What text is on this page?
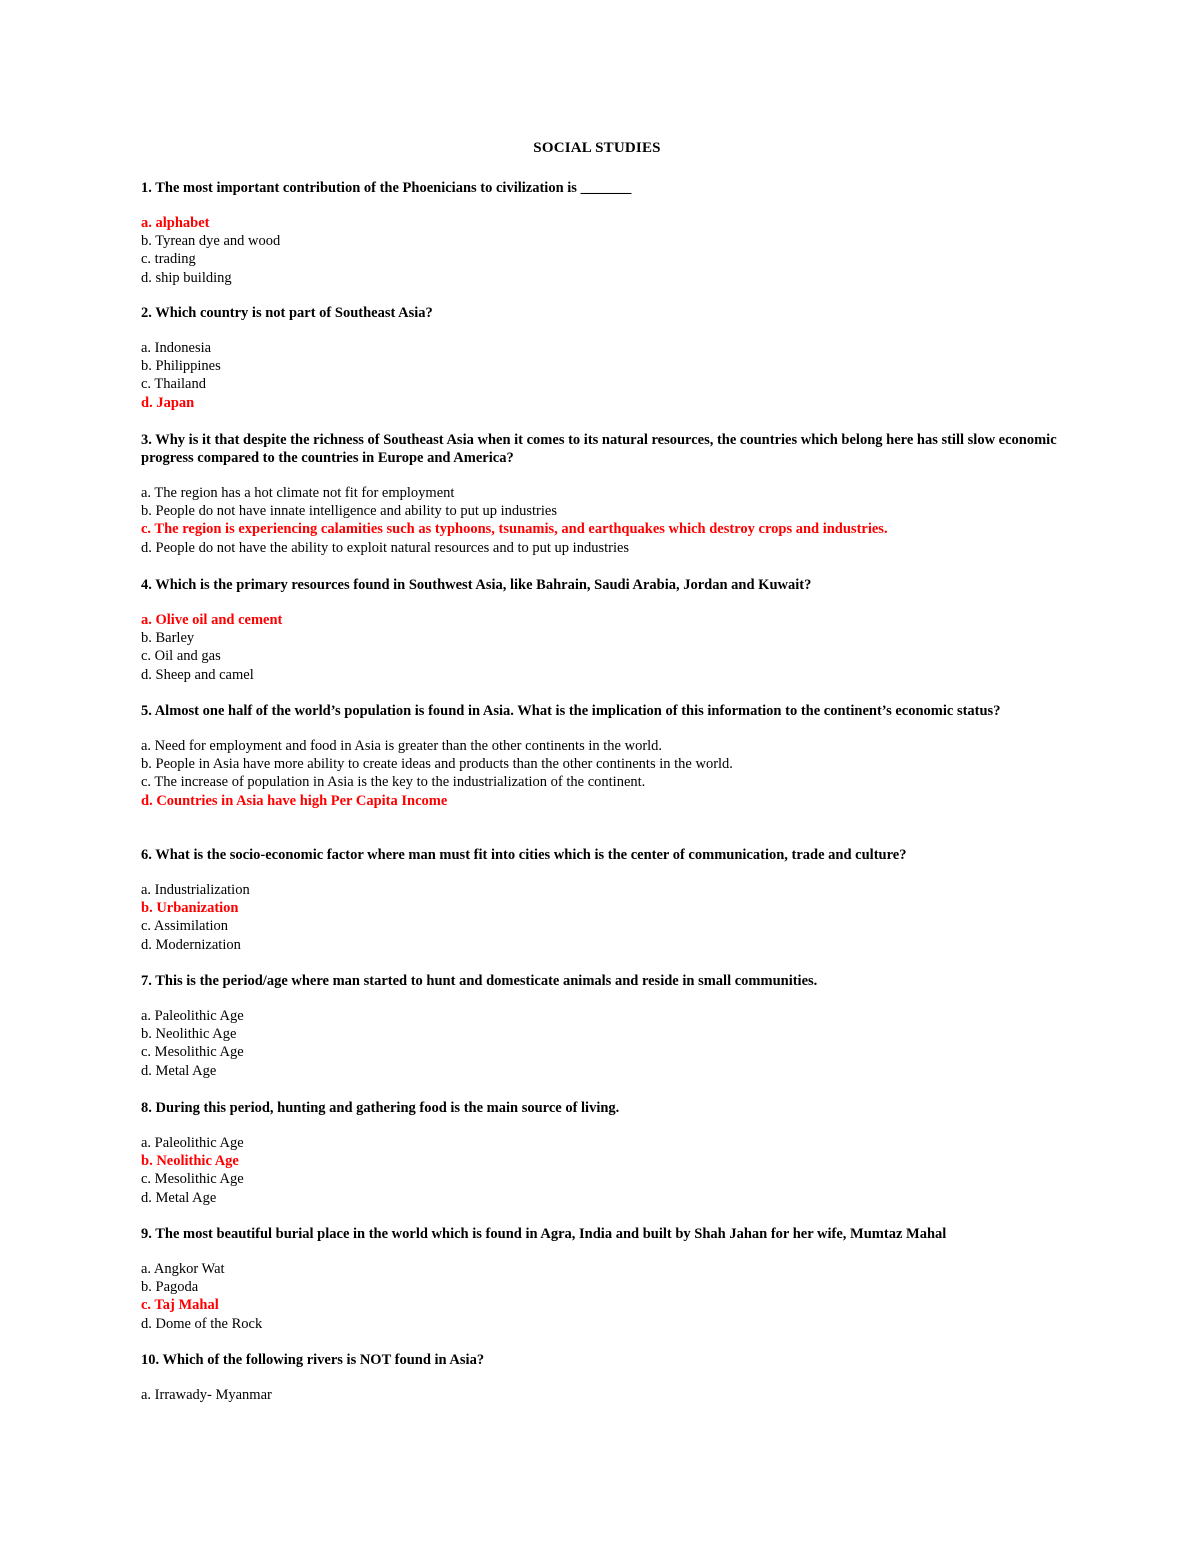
SOCIAL STUDIES
1. The most important contribution of the Phoenicians to civilization is _______
a. alphabet
b. Tyrean dye and wood
c. trading
d. ship building
2. Which country is not part of Southeast Asia?
a. Indonesia
b. Philippines
c. Thailand
d. Japan
3. Why is it that despite the richness of Southeast Asia when it comes to its natural resources, the countries which belong here has still slow economic progress compared to the countries in Europe and America?
a. The region has a hot climate not fit for employment
b. People do not have innate intelligence and ability to put up industries
c. The region is experiencing calamities such as typhoons, tsunamis, and earthquakes which destroy crops and industries.
d. People do not have the ability to exploit natural resources and to put up industries
4. Which is the primary resources found in Southwest Asia, like Bahrain, Saudi Arabia, Jordan and Kuwait?
a. Olive oil and cement
b. Barley
c. Oil and gas
d. Sheep and camel
5. Almost one half of the world’s population is found in Asia. What is the implication of this information to the continent’s economic status?
a. Need for employment and food in Asia is greater than the other continents in the world.
b. People in Asia have more ability to create ideas and products than the other continents in the world.
c. The increase of population in Asia is the key to the industrialization of the continent.
d. Countries in Asia have high Per Capita Income
6. What is the socio-economic factor where man must fit into cities which is the center of communication, trade and culture?
a. Industrialization
b. Urbanization
c. Assimilation
d. Modernization
7. This is the period/age where man started to hunt and domesticate animals and reside in small communities.
a. Paleolithic Age
b. Neolithic Age
c. Mesolithic Age
d. Metal Age
8. During this period, hunting and gathering food is the main source of living.
a. Paleolithic Age
b. Neolithic Age
c. Mesolithic Age
d. Metal Age
9. The most beautiful burial place in the world which is found in Agra, India and built by Shah Jahan for her wife, Mumtaz Mahal
a. Angkor Wat
b. Pagoda
c. Taj Mahal
d. Dome of the Rock
10. Which of the following rivers is NOT found in Asia?
a. Irrawady- Myanmar
